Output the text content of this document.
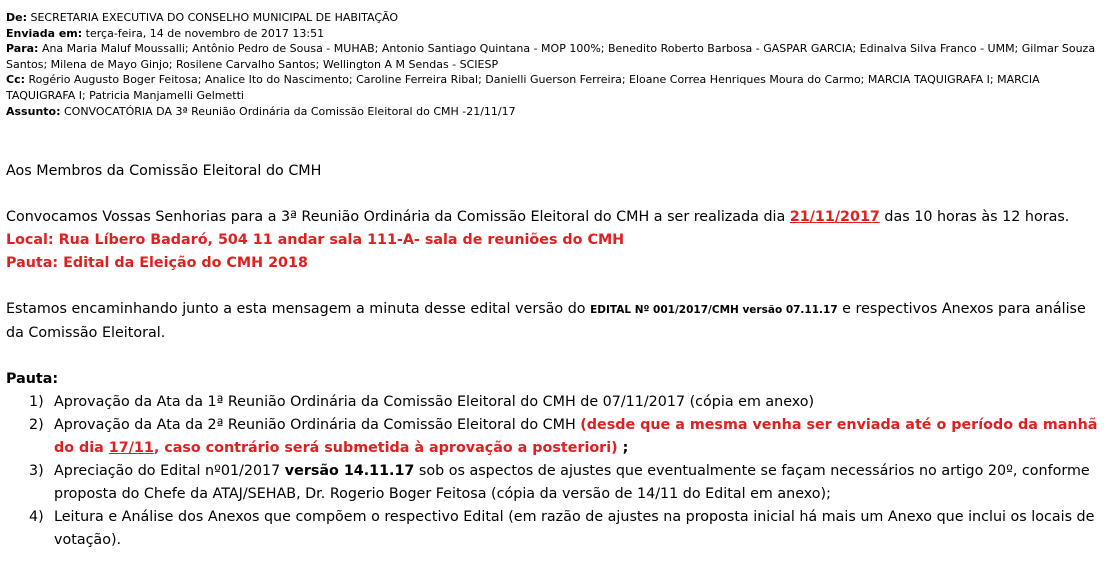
De: SECRETARIA EXECUTIVA DO CONSELHO MUNICIPAL DE HABITAÇÃO
Enviada em: terça-feira, 14 de novembro de 2017 13:51
Para: Ana Maria Maluf Moussalli; Antônio Pedro de Sousa - MUHAB; Antonio Santiago Quintana - MOP 100%; Benedito Roberto Barbosa - GASPAR GARCIA; Edinalva Silva Franco - UMM; Gilmar Souza Santos; Milena de Mayo Ginjo; Rosilene Carvalho Santos; Wellington A M Sendas - SCIESP
Cc: Rogério Augusto Boger Feitosa; Analice Ito do Nascimento; Caroline Ferreira Ribal; Danielli Guerson Ferreira; Eloane Correa Henriques Moura do Carmo; MARCIA TAQUIGRAFA I; MARCIA TAQUIGRAFA I; Patricia Manjamelli Gelmetti
Assunto: CONVOCATÓRIA DA 3ª Reunião Ordinária da Comissão Eleitoral do CMH -21/11/17

Aos Membros da Comissão Eleitoral do CMH

Convocamos Vossas Senhorias para a 3ª Reunião Ordinária da Comissão Eleitoral do CMH a ser realizada dia 21/11/2017 das 10 horas às 12 horas.

Local: Rua Líbero Badaró, 504 11 andar sala 111-A- sala de reuniões do CMH

Pauta: Edital da Eleição do CMH 2018

Estamos encaminhando junto a esta mensagem a minuta desse edital versão do EDITAL Nº 001/2017/CMH versão 07.11.17 e respectivos Anexos para análise da Comissão Eleitoral.

Pauta:

1) Aprovação da Ata da 1ª Reunião Ordinária da Comissão Eleitoral do CMH de 07/11/2017 (cópia em anexo)
2) Aprovação da Ata da 2ª Reunião Ordinária da Comissão Eleitoral do CMH (desde que a mesma venha ser enviada até o período da manhã do dia 17/11, caso contrário será submetida à aprovação a posteriori) ;
3) Apreciação do Edital nº01/2017 versão 14.11.17 sob os aspectos de ajustes que eventualmente se façam necessários no artigo 20º, conforme proposta do Chefe da ATAJ/SEHAB, Dr. Rogerio Boger Feitosa (cópia da versão de 14/11 do Edital em anexo);
4) Leitura e Análise dos Anexos que compõem o respectivo Edital (em razão de ajustes na proposta inicial há mais um Anexo que inclui os locais de votação).
